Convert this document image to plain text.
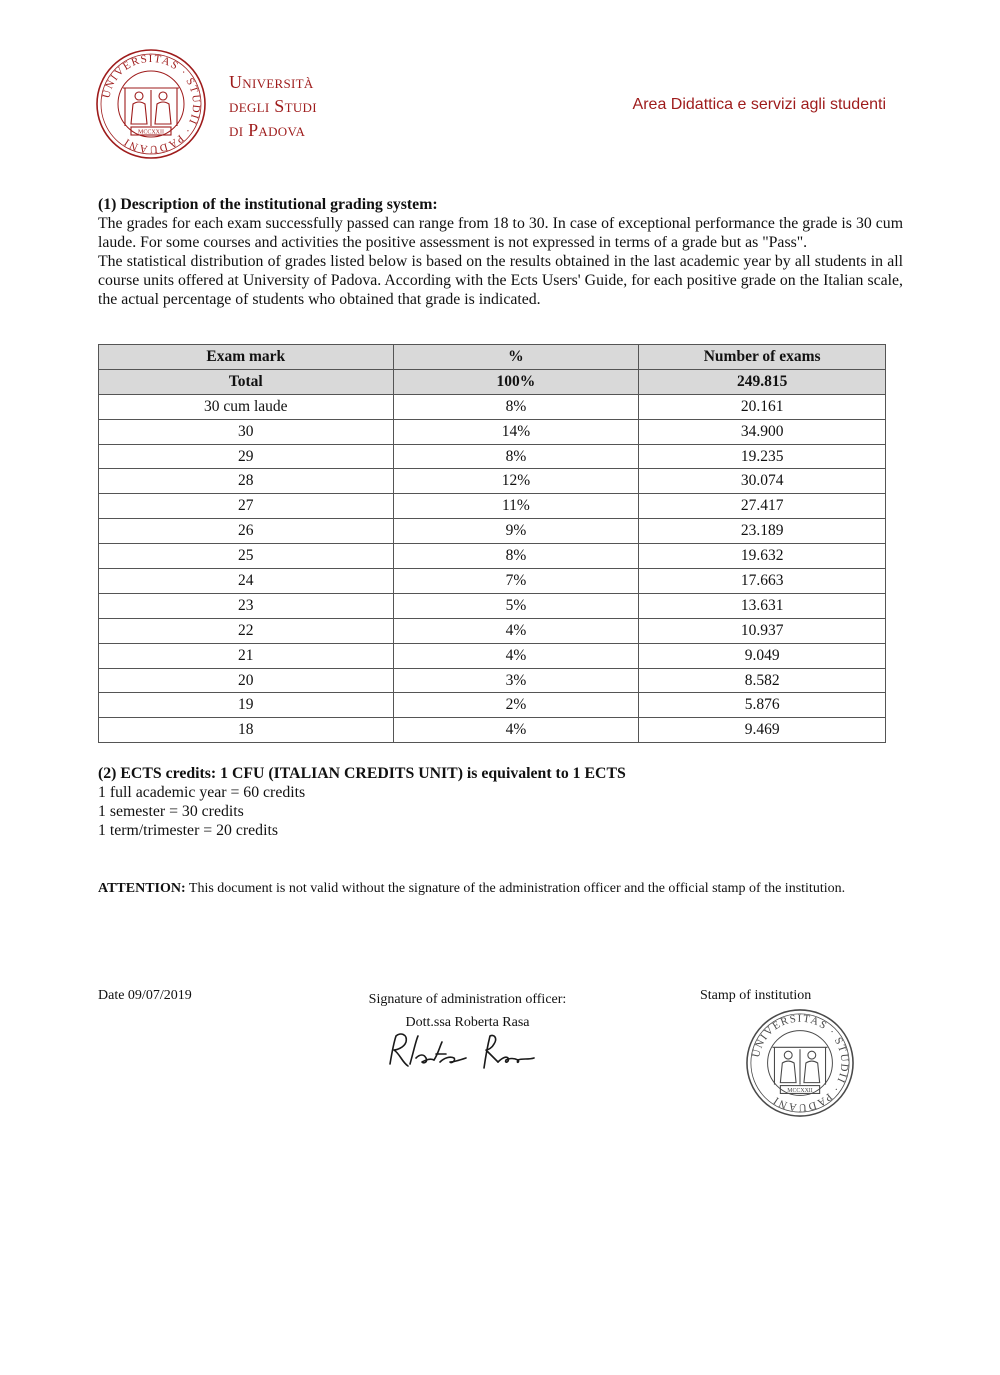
UNIVERSITAS · STUDII · PADUANI
MCCXXII
Università
degli Studi
di Padova
Area Didattica e servizi agli studenti
(1) Description of the institutional grading system:

The grades for each exam successfully passed can range from 18 to 30. In case of exceptional performance the grade is 30 cum laude. For some courses and activities the positive assessment is not expressed in terms of a grade but as "Pass".

The statistical distribution of grades listed below is based on the results obtained in the last academic year by all students in all course units offered at University of Padova. According with the Ects Users' Guide, for each positive grade on the Italian scale, the actual percentage of students who obtained that grade is indicated.

Exam mark	%	Number of exams
Total	100%	249.815
30 cum laude	8%	20.161
30	14%	34.900
29	8%	19.235
28	12%	30.074
27	11%	27.417
26	9%	23.189
25	8%	19.632
24	7%	17.663
23	5%	13.631
22	4%	10.937
21	4%	9.049
20	3%	8.582
19	2%	5.876
18	4%	9.469
(2) ECTS credits: 1 CFU (ITALIAN CREDITS UNIT) is equivalent to 1 ECTS
1 full academic year = 60 credits
1 semester = 30 credits
1 term/trimester = 20 credits
ATTENTION: This document is not valid without the signature of the administration officer and the official stamp of the institution.
Date 09/07/2019	Signature of administration officer:
Dott.ssa Roberta Rasa
Stamp of institution
UNIVERSITAS · STUDII · PADUANI
MCCXXII
